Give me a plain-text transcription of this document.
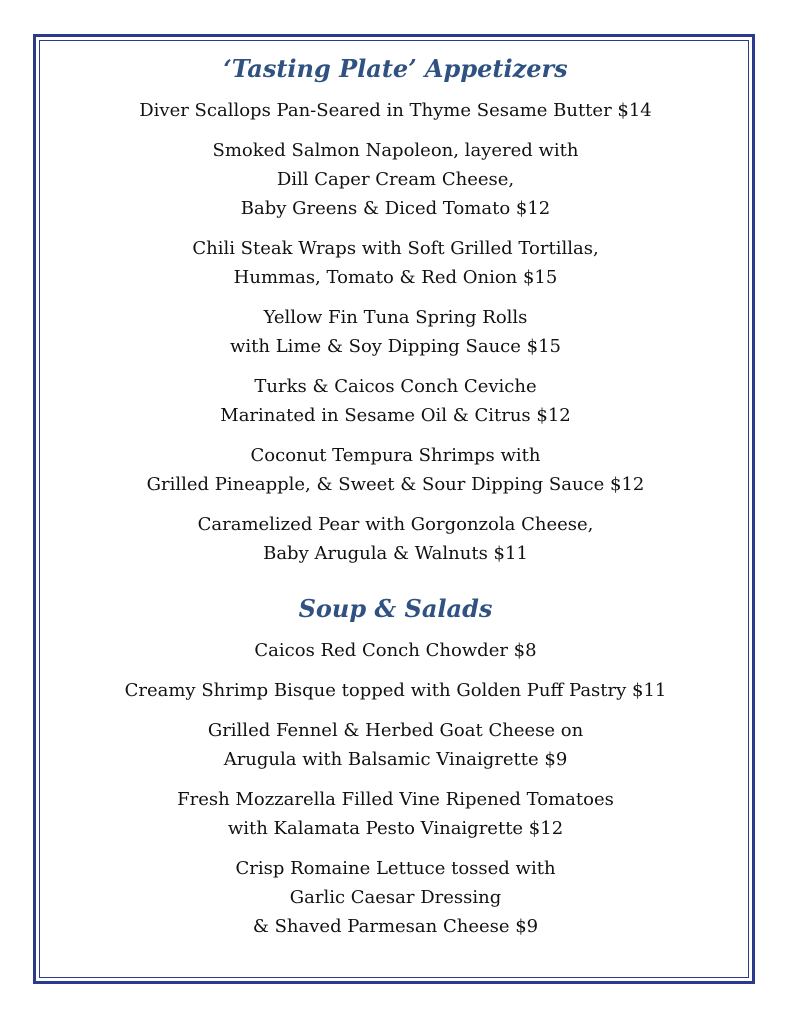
‘Tasting Plate’ Appetizers
Diver Scallops Pan-Seared in Thyme Sesame Butter $14
Smoked Salmon Napoleon, layered with
Dill Caper Cream Cheese,
Baby Greens & Diced Tomato $12
Chili Steak Wraps with Soft Grilled Tortillas,
Hummas, Tomato & Red Onion $15
Yellow Fin Tuna Spring Rolls
with Lime & Soy Dipping Sauce $15
Turks & Caicos Conch Ceviche
Marinated in Sesame Oil & Citrus $12
Coconut Tempura Shrimps with
Grilled Pineapple, & Sweet & Sour Dipping Sauce $12
Caramelized Pear with Gorgonzola Cheese,
Baby Arugula & Walnuts $11
Soup & Salads
Caicos Red Conch Chowder $8
Creamy Shrimp Bisque topped with Golden Puff Pastry $11
Grilled Fennel & Herbed Goat Cheese on
Arugula with Balsamic Vinaigrette $9
Fresh Mozzarella Filled Vine Ripened Tomatoes
with Kalamata Pesto Vinaigrette $12
Crisp Romaine Lettuce tossed with
Garlic Caesar Dressing
& Shaved Parmesan Cheese $9
